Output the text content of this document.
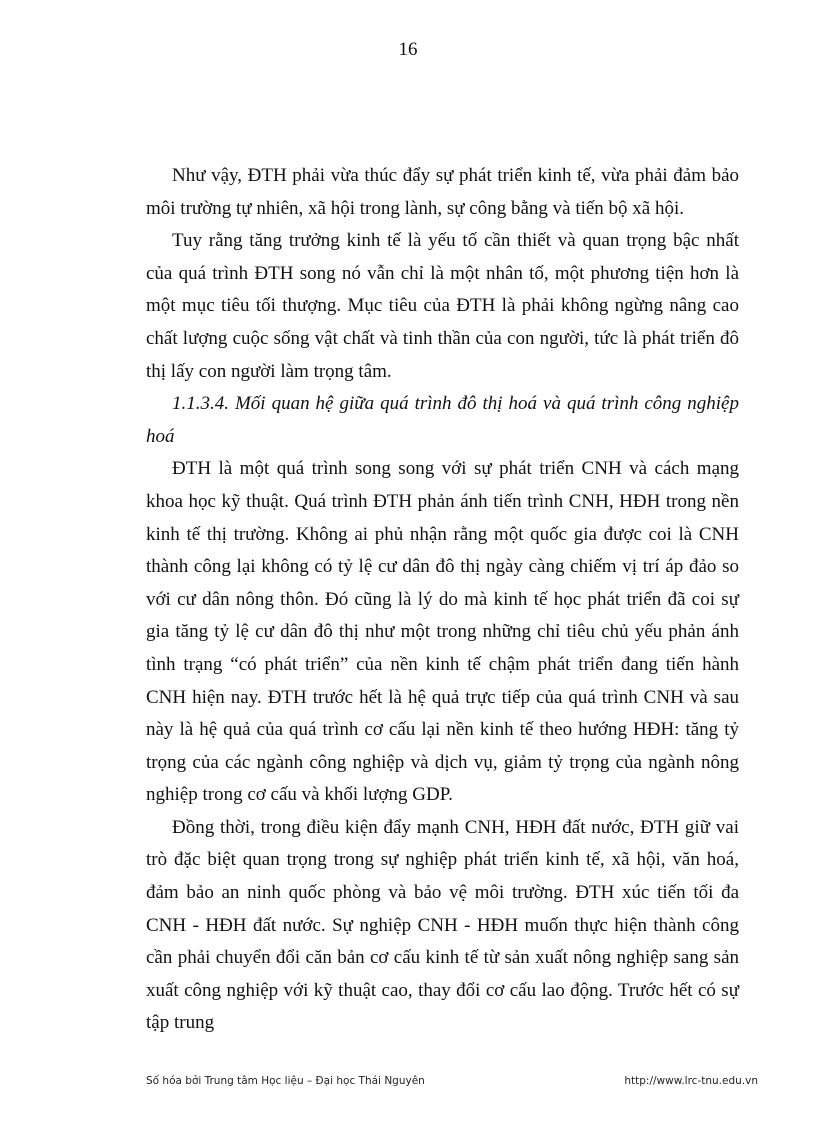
16

Như vậy, ĐTH phải vừa thúc đẩy sự phát triển kinh tế, vừa phải đảm bảo môi trường tự nhiên, xã hội trong lành, sự công bằng và tiến bộ xã hội.

Tuy rằng tăng trưởng kinh tế là yếu tố cần thiết và quan trọng bậc nhất của quá trình ĐTH song nó vẫn chỉ là một nhân tố, một phương tiện hơn là một mục tiêu tối thượng. Mục tiêu của ĐTH là phải không ngừng nâng cao chất lượng cuộc sống vật chất và tinh thần của con người, tức là phát triển đô thị lấy con người làm trọng tâm.

1.1.3.4. Mối quan hệ giữa quá trình đô thị hoá và quá trình công nghiệp hoá

ĐTH là một quá trình song song với sự phát triển CNH và cách mạng khoa học kỹ thuật. Quá trình ĐTH phản ánh tiến trình CNH, HĐH trong nền kinh tế thị trường. Không ai phủ nhận rằng một quốc gia được coi là CNH thành công lại không có tỷ lệ cư dân đô thị ngày càng chiếm vị trí áp đảo so với cư dân nông thôn. Đó cũng là lý do mà kinh tế học phát triển đã coi sự gia tăng tỷ lệ cư dân đô thị như một trong những chỉ tiêu chủ yếu phản ánh tình trạng “có phát triển” của nền kinh tế chậm phát triển đang tiến hành CNH hiện nay. ĐTH trước hết là hệ quả trực tiếp của quá trình CNH và sau này là hệ quả của quá trình cơ cấu lại nền kinh tế theo hướng HĐH: tăng tỷ trọng của các ngành công nghiệp và dịch vụ, giảm tỷ trọng của ngành nông nghiệp trong cơ cấu và khối lượng GDP.

Đồng thời, trong điều kiện đẩy mạnh CNH, HĐH đất nước, ĐTH giữ vai trò đặc biệt quan trọng trong sự nghiệp phát triển kinh tế, xã hội, văn hoá, đảm bảo an ninh quốc phòng và bảo vệ môi trường. ĐTH xúc tiến tối đa CNH - HĐH đất nước. Sự nghiệp CNH - HĐH muốn thực hiện thành công cần phải chuyển đổi căn bản cơ cấu kinh tế từ sản xuất nông nghiệp sang sản xuất công nghiệp với kỹ thuật cao, thay đổi cơ cấu lao động. Trước hết có sự tập trung

Số hóa bởi Trung tâm Học liệu – Đại học Thái Nguyên	http://www.lrc-tnu.edu.vn
